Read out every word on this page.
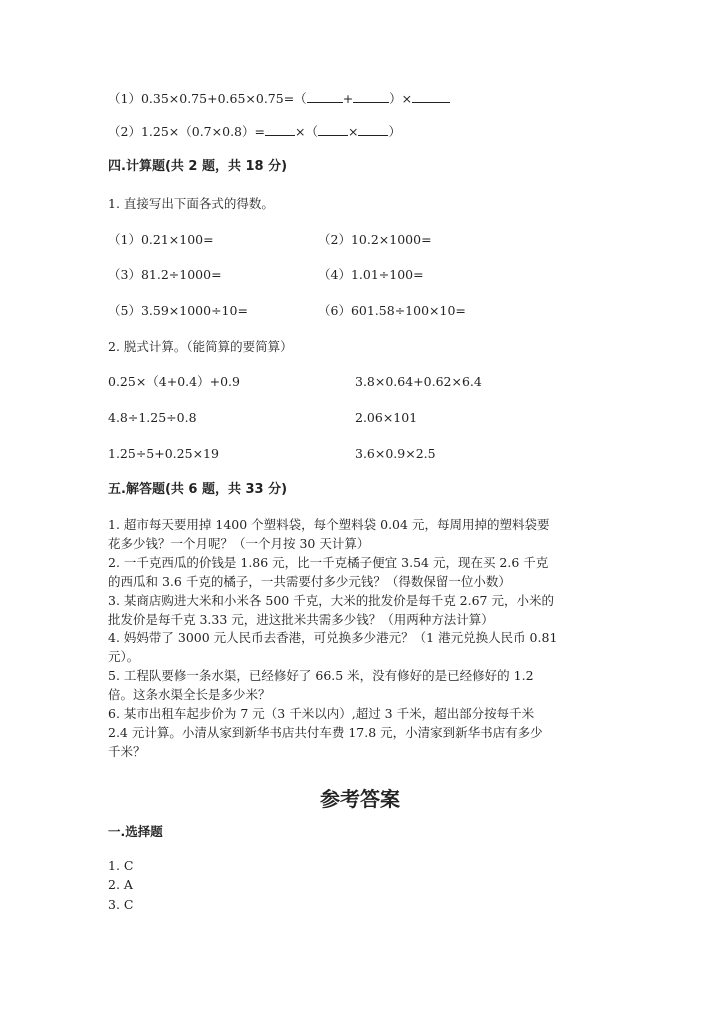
（1）0.35×0.75+0.65×0.75=（	+	）×
（2）1.25×（0.7×0.8）= ×（ × ）
四.计算题(共 2 题，共 18 分)
1. 直接写出下面各式的得数。
（1）0.21×100=	（2）10.2×1000=
（3）81.2÷1000=	（4）1.01÷100=
（5）3.59×1000÷10=	（6）601.58÷100×10=
2. 脱式计算。（能简算的要简算）
0.25×（4+0.4）+0.9	3.8×0.64+0.62×6.4
4.8÷1.25÷0.8	2.06×101
1.25÷5+0.25×19	3.6×0.9×2.5
五.解答题(共 6 题，共 33 分)
1. 超市每天要用掉 1400 个塑料袋，每个塑料袋 0.04 元，每周用掉的塑料袋要
花多少钱？一个月呢？（一个月按 30 天计算）
2. 一千克西瓜的价钱是 1.86 元，比一千克橘子便宜 3.54 元，现在买 2.6 千克
的西瓜和 3.6 千克的橘子，一共需要付多少元钱？（得数保留一位小数）
3. 某商店购进大米和小米各 500 千克，大米的批发价是每千克 2.67 元，小米的
批发价是每千克 3.33 元，进这批米共需多少钱？（用两种方法计算）
4. 妈妈带了 3000 元人民币去香港，可兑换多少港元？（1 港元兑换人民币 0.81
元）。
5. 工程队要修一条水渠，已经修好了 66.5 米，没有修好的是已经修好的 1.2
倍。这条水渠全长是多少米？
6. 某市出租车起步价为 7 元（3 千米以内）,超过 3 千米，超出部分按每千米
2.4 元计算。小清从家到新华书店共付车费 17.8 元，小清家到新华书店有多少
千米？
参考答案
一.选择题
1. C
2. A
3. C
